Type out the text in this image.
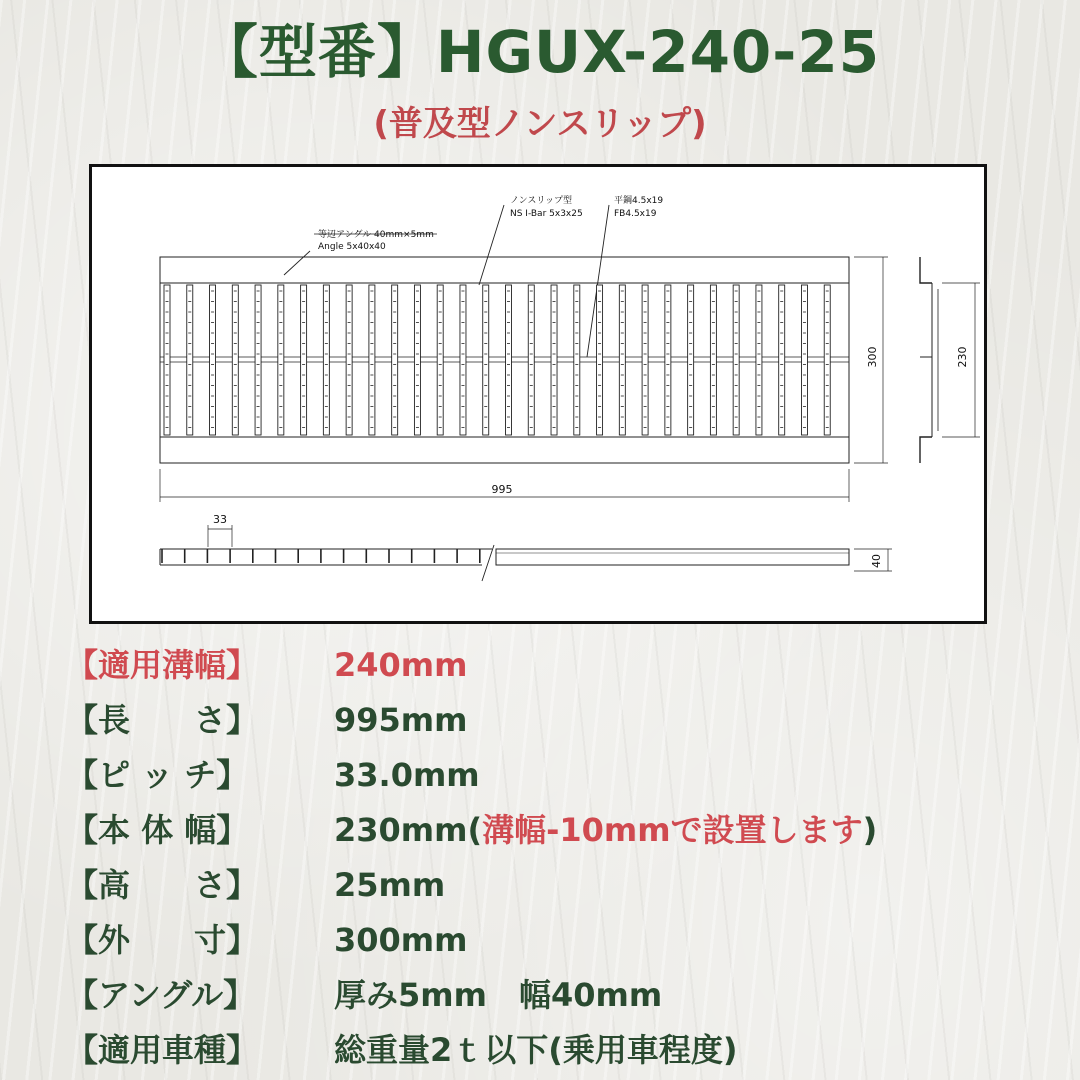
【型番】HGUX-240-25
(普及型ノンスリップ)
等辺アングル 40mm×5mm
Angle 5x40x40
ノンスリップ型
NS I-Bar 5x3x25
平鋼4.5x19
FB4.5x19
995
300	230
33
40
【適用溝幅】	240mm
【長　　さ】	995mm
【ピ ッ チ】	33.0mm
【本 体 幅】	230mm(溝幅-10mmで設置します)
【高　　さ】	25mm
【外　　寸】	300mm
【アングル】	厚み5mm　幅40mm
【適用車種】	総重量2ｔ以下(乗用車程度)
